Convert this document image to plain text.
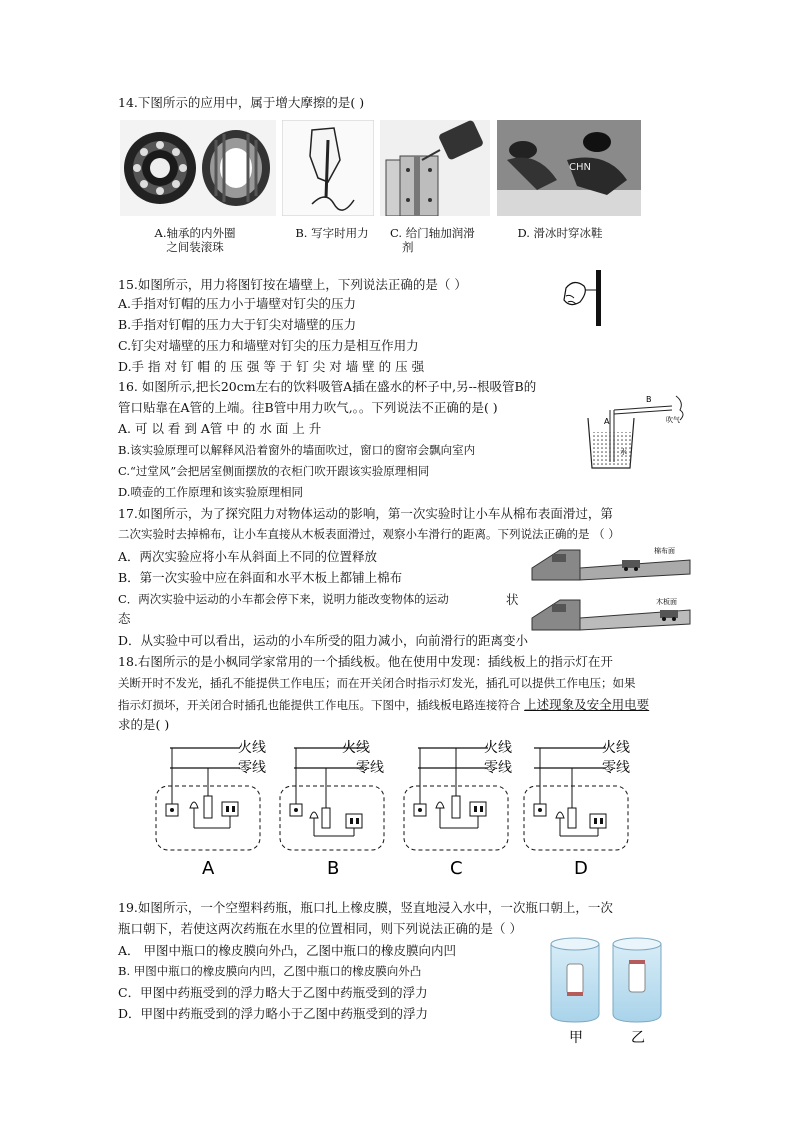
14.下图所示的应用中，属于增大摩擦的是( )
CHN
A.轴承的内外圈
之间装滚珠
B. 写字时用力	C. 给门轴加润滑
剂
D. 滑冰时穿冰鞋
15.如图所示，用力将图钉按在墙壁上，下列说法正确的是（ ）
A.手指对钉帽的压力小于墙壁对钉尖的压力
B.手指对钉帽的压力大于钉尖对墙壁的压力
C.钉尖对墙壁的压力和墙壁对钉尖的压力是相互作用力
D.手 指 对 钉 帽 的 压 强 等 于 钉 尖 对 墙 壁 的 压 强
16. 如图所示,把长20cm左右的饮料吸管A插在盛水的杯子中,另--根吸管B的
管口贴靠在A管的上端。往B管中用力吹气,。。下列说法不正确的是( )
A. 可 以 看 到 A管 中 的 水 面 上 升
B.该实验原理可以解释风沿着窗外的墙面吹过，窗口的窗帘会飘向室内
C.“过堂风”会把居室侧面摆放的衣柜门吹开跟该实验原理相同
D.喷壶的工作原理和该实验原理相同
B
A	吹气
水
17.如图所示，为了探究阻力对物体运动的影响，第一次实验时让小车从棉布表面滑过，第
二次实验时去掉棉布，让小车直接从木板表面滑过，观察小车滑行的距离。下列说法正确的是 （ ）
A．两次实验应将小车从斜面上不同的位置释放
B．第一次实验中应在斜面和水平木板上都铺上棉布
C．两次实验中运动的小车都会停下来，说明力能改变物体的运动	状
态
D．从实验中可以看出，运动的小车所受的阻力减小，向前滑行的距离变小
棉布面
木板面
18.右图所示的是小枫同学家常用的一个插线板。他在使用中发现：插线板上的指示灯在开
关断开时不发光，插孔不能提供工作电压；而在开关闭合时指示灯发光，插孔可以提供工作电压；如果
指示灯损坏，开关闭合时插孔也能提供工作电压。下图中，插线板电路连接符合 上述现象及安全用电要
求的是( )
火线
零线
火线
零线
火线
零线
火线
零线
A	B	C	D
19.如图所示，一个空塑料药瓶，瓶口扎上橡皮膜，竖直地浸入水中，一次瓶口朝上，一次
瓶口朝下，若使这两次药瓶在水里的位置相同，则下列说法正确的是（ ）
A． 甲图中瓶口的橡皮膜向外凸，乙图中瓶口的橡皮膜向内凹
B. 甲图中瓶口的橡皮膜向内凹，乙图中瓶口的橡皮膜向外凸
C．甲图中药瓶受到的浮力略大于乙图中药瓶受到的浮力
D．甲图中药瓶受到的浮力略小于乙图中药瓶受到的浮力
甲	乙
